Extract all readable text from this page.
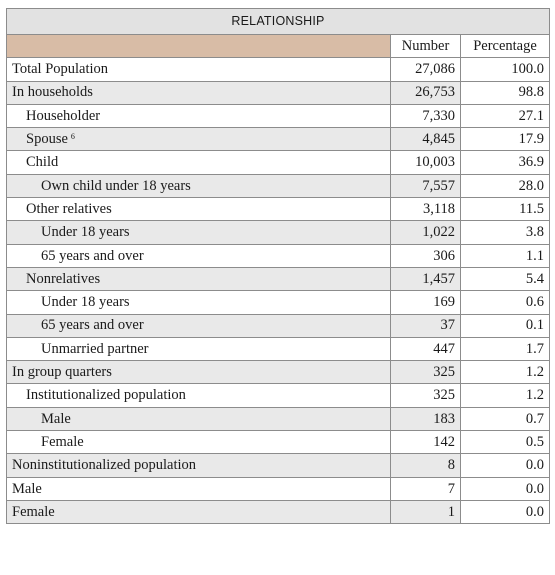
RELATIONSHIP		
	Number	Percentage
Total Population	27,086	100.0
In households	26,753	98.8
Householder	7,330	27.1
Spouse $^6$	4,845	17.9
Child	10,003	36.9
Own child under 18 years	7,557	28.0
Other relatives	3,118	11.5
Under 18 years	1,022	3.8
65 years and over	306	1.1
Nonrelatives	1,457	5.4
Under 18 years	169	0.6
65 years and over	37	0.1
Unmarried partner	447	1.7
In group quarters	325	1.2
Institutionalized population	325	1.2
Male	183	0.7
Female	142	0.5
Noninstitutionalized population	8	0.0
Male	7	0.0
Female	1	0.0
